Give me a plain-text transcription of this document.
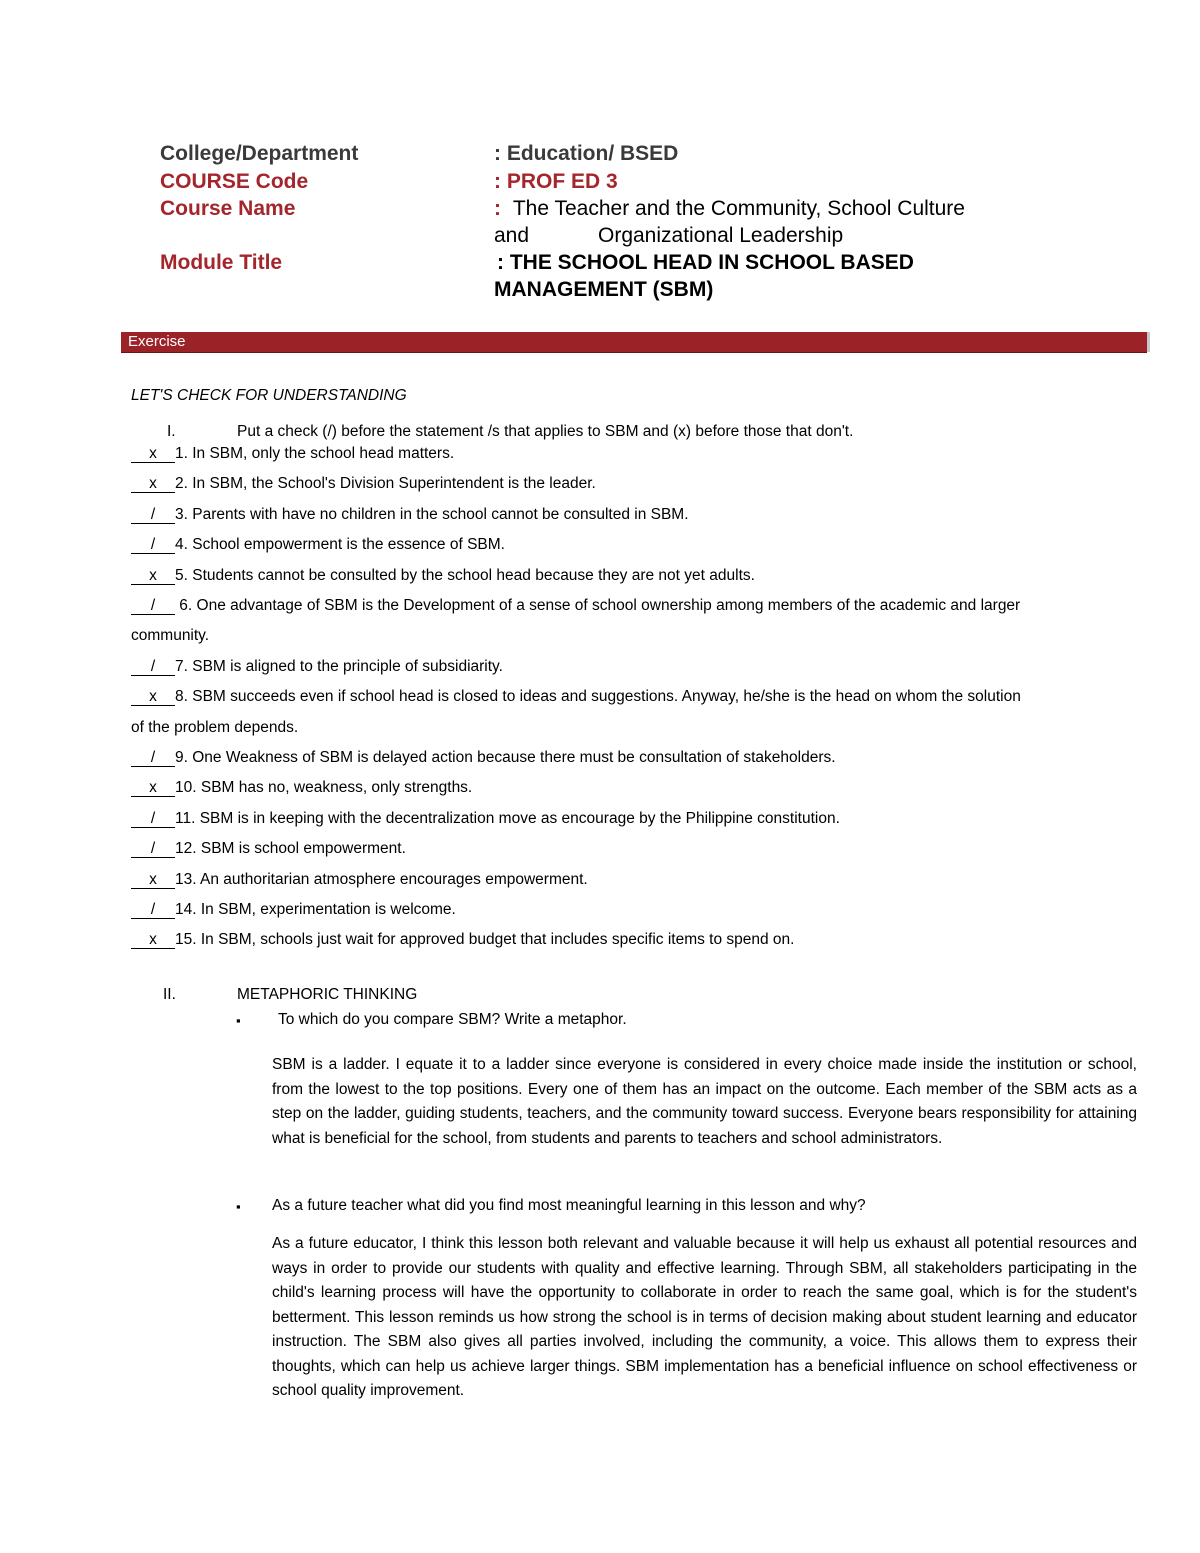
College/Department	: Education/ BSED
COURSE Code	: PROF ED 3
Course Name	: The Teacher and the Community, School Culture
and	Organizational Leadership
Module Title	: THE SCHOOL HEAD IN SCHOOL BASED
MANAGEMENT (SBM)
Exercise
LET'S CHECK FOR UNDERSTANDING
I.	Put a check (/) before the statement /s that applies to SBM and (x) before those that don't.
x 1. In SBM, only the school head matters.
x 2. In SBM, the School's Division Superintendent is the leader.
/ 3. Parents with have no children in the school cannot be consulted in SBM.
/ 4. School empowerment is the essence of SBM.
x 5. Students cannot be consulted by the school head because they are not yet adults.
/ 6. One advantage of SBM is the Development of a sense of school ownership among members of the academic and larger
community.
/ 7. SBM is aligned to the principle of subsidiarity.
x 8. SBM succeeds even if school head is closed to ideas and suggestions. Anyway, he/she is the head on whom the solution
of the problem depends.
/ 9. One Weakness of SBM is delayed action because there must be consultation of stakeholders.
x 10. SBM has no, weakness, only strengths.
/ 11. SBM is in keeping with the decentralization move as encourage by the Philippine constitution.
/ 12. SBM is school empowerment.
x 13. An authoritarian atmosphere encourages empowerment.
/ 14. In SBM, experimentation is welcome.
x 15. In SBM, schools just wait for approved budget that includes specific items to spend on.
II.	METAPHORIC THINKING
▪ To which do you compare SBM? Write a metaphor.
SBM is a ladder. I equate it to a ladder since everyone is considered in every choice made inside the institution or school, from the lowest to the top positions. Every one of them has an impact on the outcome. Each member of the SBM acts as a step on the ladder, guiding students, teachers, and the community toward success. Everyone bears responsibility for attaining what is beneficial for the school, from students and parents to teachers and school administrators.
▪ As a future teacher what did you find most meaningful learning in this lesson and why?
As a future educator, I think this lesson both relevant and valuable because it will help us exhaust all potential resources and ways in order to provide our students with quality and effective learning. Through SBM, all stakeholders participating in the child's learning process will have the opportunity to collaborate in order to reach the same goal, which is for the student's betterment. This lesson reminds us how strong the school is in terms of decision making about student learning and educator instruction. The SBM also gives all parties involved, including the community, a voice. This allows them to express their thoughts, which can help us achieve larger things. SBM implementation has a beneficial influence on school effectiveness or school quality improvement.
